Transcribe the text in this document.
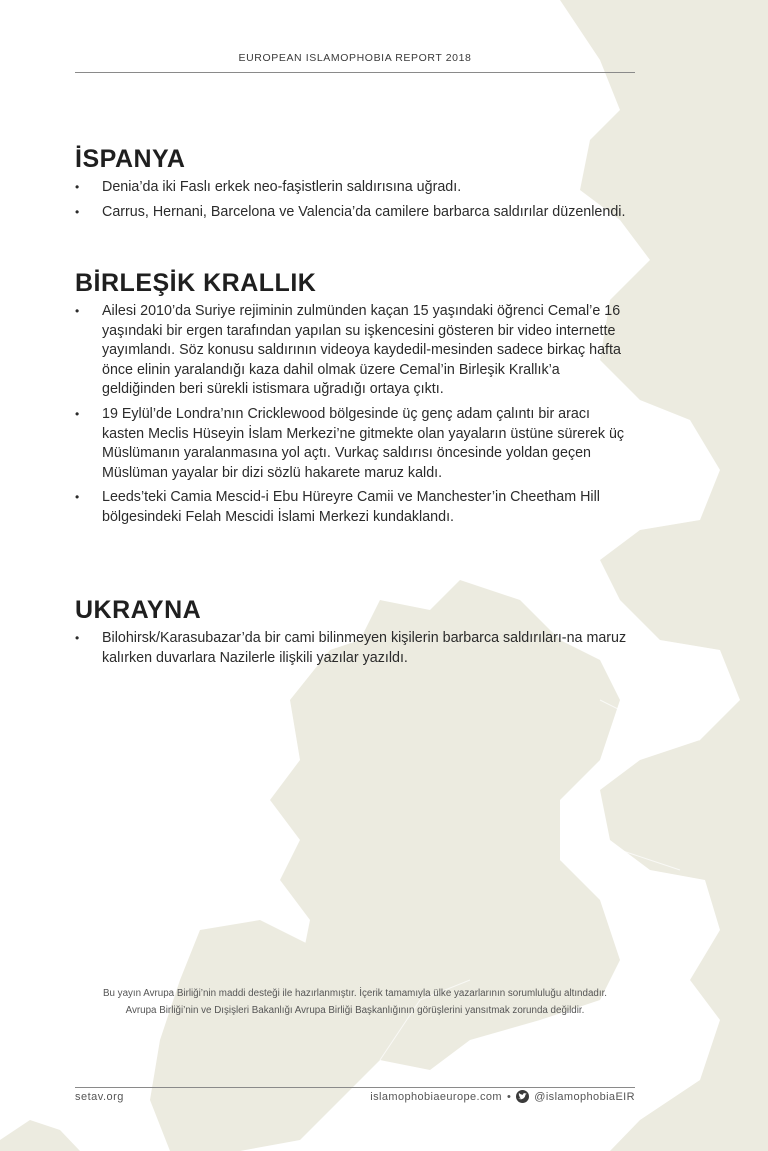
EUROPEAN ISLAMOPHOBIA REPORT 2018
İSPANYA
•	Denia’da iki Faslı erkek neo-faşistlerin saldırısına uğradı.
•	Carrus, Hernani, Barcelona ve Valencia’da camilere barbarca saldırılar düzenlendi.
BİRLEŞİK KRALLIK
•	Ailesi 2010’da Suriye rejiminin zulmünden kaçan 15 yaşındaki öğrenci Cemal’e 16 yaşındaki bir ergen tarafından yapılan su işkencesini gösteren bir video internette yayımlandı. Söz konusu saldırının videoya kaydedil-mesinden sadece birkaç hafta önce elinin yaralandığı kaza dahil olmak üzere Cemal’in Birleşik Krallık’a geldiğinden beri sürekli istismara uğradığı ortaya çıktı.
•	19 Eylül’de Londra’nın Cricklewood bölgesinde üç genç adam çalıntı bir aracı kasten Meclis Hüseyin İslam Merkezi’ne gitmekte olan yayaların üstüne sürerek üç Müslümanın yaralanmasına yol açtı. Vurkaç saldırısı öncesinde yoldan geçen Müslüman yayalar bir dizi sözlü hakarete maruz kaldı.
•	Leeds’teki Camia Mescid-i Ebu Hüreyre Camii ve Manchester’in Cheetham Hill bölgesindeki Felah Mescidi İslami Merkezi kundaklandı.
UKRAYNA
•	Bilohirsk/Karasubazar’da bir cami bilinmeyen kişilerin barbarca saldırıları-na maruz kalırken duvarlara Nazilerle ilişkili yazılar yazıldı.
Bu yayın Avrupa Birliği’nin maddi desteği ile hazırlanmıştır. İçerik tamamıyla ülke yazarlarının sorumluluğu altındadır. Avrupa Birliği’nin ve Dışişleri Bakanlığı Avrupa Birliği Başkanlığının görüşlerini yansıtmak zorunda değildir.
setav.org	islamophobiaeurope.com • @islamophobiaEIR
